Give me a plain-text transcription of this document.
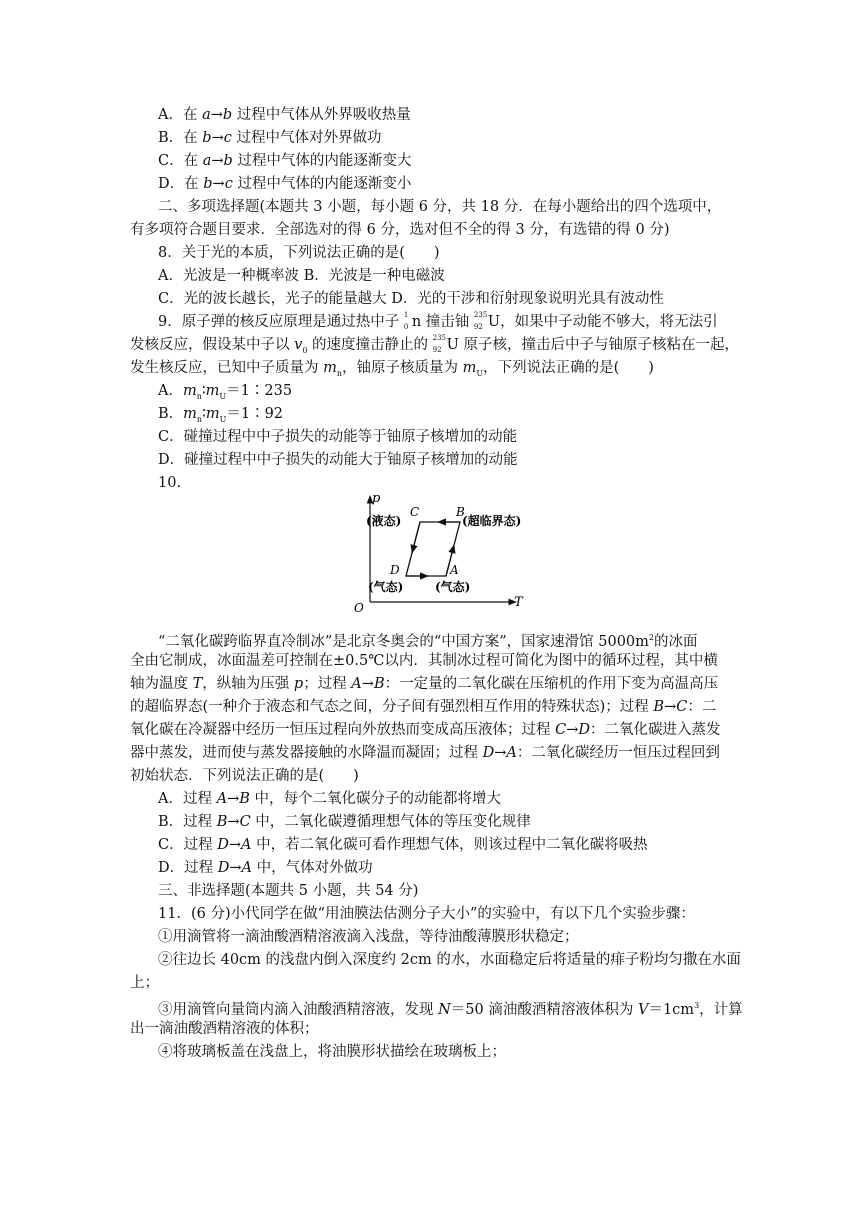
A．在 a→b 过程中气体从外界吸收热量
B．在 b→c 过程中气体对外界做功
C．在 a→b 过程中气体的内能逐渐变大
D．在 b→c 过程中气体的内能逐渐变小
二、多项选择题(本题共 3 小题，每小题 6 分，共 18 分．在每小题给出的四个选项中，
有多项符合题目要求．全部选对的得 6 分，选对但不全的得 3 分，有选错的得 0 分)
8．关于光的本质，下列说法正确的是(　　)
A．光波是一种概率波 B．光波是一种电磁波
C．光的波长越长，光子的能量越大 D．光的干涉和衍射现象说明光具有波动性
9．原子弹的核反应原理是通过热中子 1
0 n 撞击铀 235
92 U，如果中子动能不够大，将无法引
发核反应，假设某中子以 $v_0$ 的速度撞击静止的 235
92 U 原子核，撞击后中子与铀原子核粘在一起，
发生核反应，已知中子质量为 $m_n$，铀原子核质量为 $m_U$，下列说法正确的是(　　)
A．$m_n∶m_U=1∶235$
B．$m_n∶m_U=1∶92$
C．碰撞过程中中子损失的动能等于铀原子核增加的动能
D．碰撞过程中中子损失的动能大于铀原子核增加的动能
10.
p
T
O
C	B
D	A
(液态)	(超临界态)
(气态)	(气态)
“二氧化碳跨临界直冷制冰”是北京冬奥会的“中国方案”，国家速滑馆 $5000m^2$的冰面
全由它制成，冰面温差可控制在±0.5℃以内．其制冰过程可简化为图中的循环过程，其中横
轴为温度 T，纵轴为压强 p；过程 A→B：一定量的二氧化碳在压缩机的作用下变为高温高压
的超临界态(一种介于液态和气态之间，分子间有强烈相互作用的特殊状态)；过程 B→C：二
氧化碳在冷凝器中经历一恒压过程向外放热而变成高压液体；过程 C→D：二氧化碳进入蒸发
器中蒸发，进而使与蒸发器接触的水降温而凝固；过程 D→A：二氧化碳经历一恒压过程回到
初始状态．下列说法正确的是(　　)
A．过程 A→B 中，每个二氧化碳分子的动能都将增大
B．过程 B→C 中，二氧化碳遵循理想气体的等压变化规律
C．过程 D→A 中，若二氧化碳可看作理想气体，则该过程中二氧化碳将吸热
D．过程 D→A 中，气体对外做功
三、非选择题(本题共 5 小题，共 54 分)
11．(6 分)小代同学在做“用油膜法估测分子大小”的实验中，有以下几个实验步骤：
①用滴管将一滴油酸酒精溶液滴入浅盘，等待油酸薄膜形状稳定；
②往边长 40cm 的浅盘内倒入深度约 2cm 的水，水面稳定后将适量的痱子粉均匀撒在水面
上；
③用滴管向量筒内滴入油酸酒精溶液，发现 N＝50 滴油酸酒精溶液体积为 $V=1cm^3$，计算
出一滴油酸酒精溶液的体积；
④将玻璃板盖在浅盘上，将油膜形状描绘在玻璃板上；
